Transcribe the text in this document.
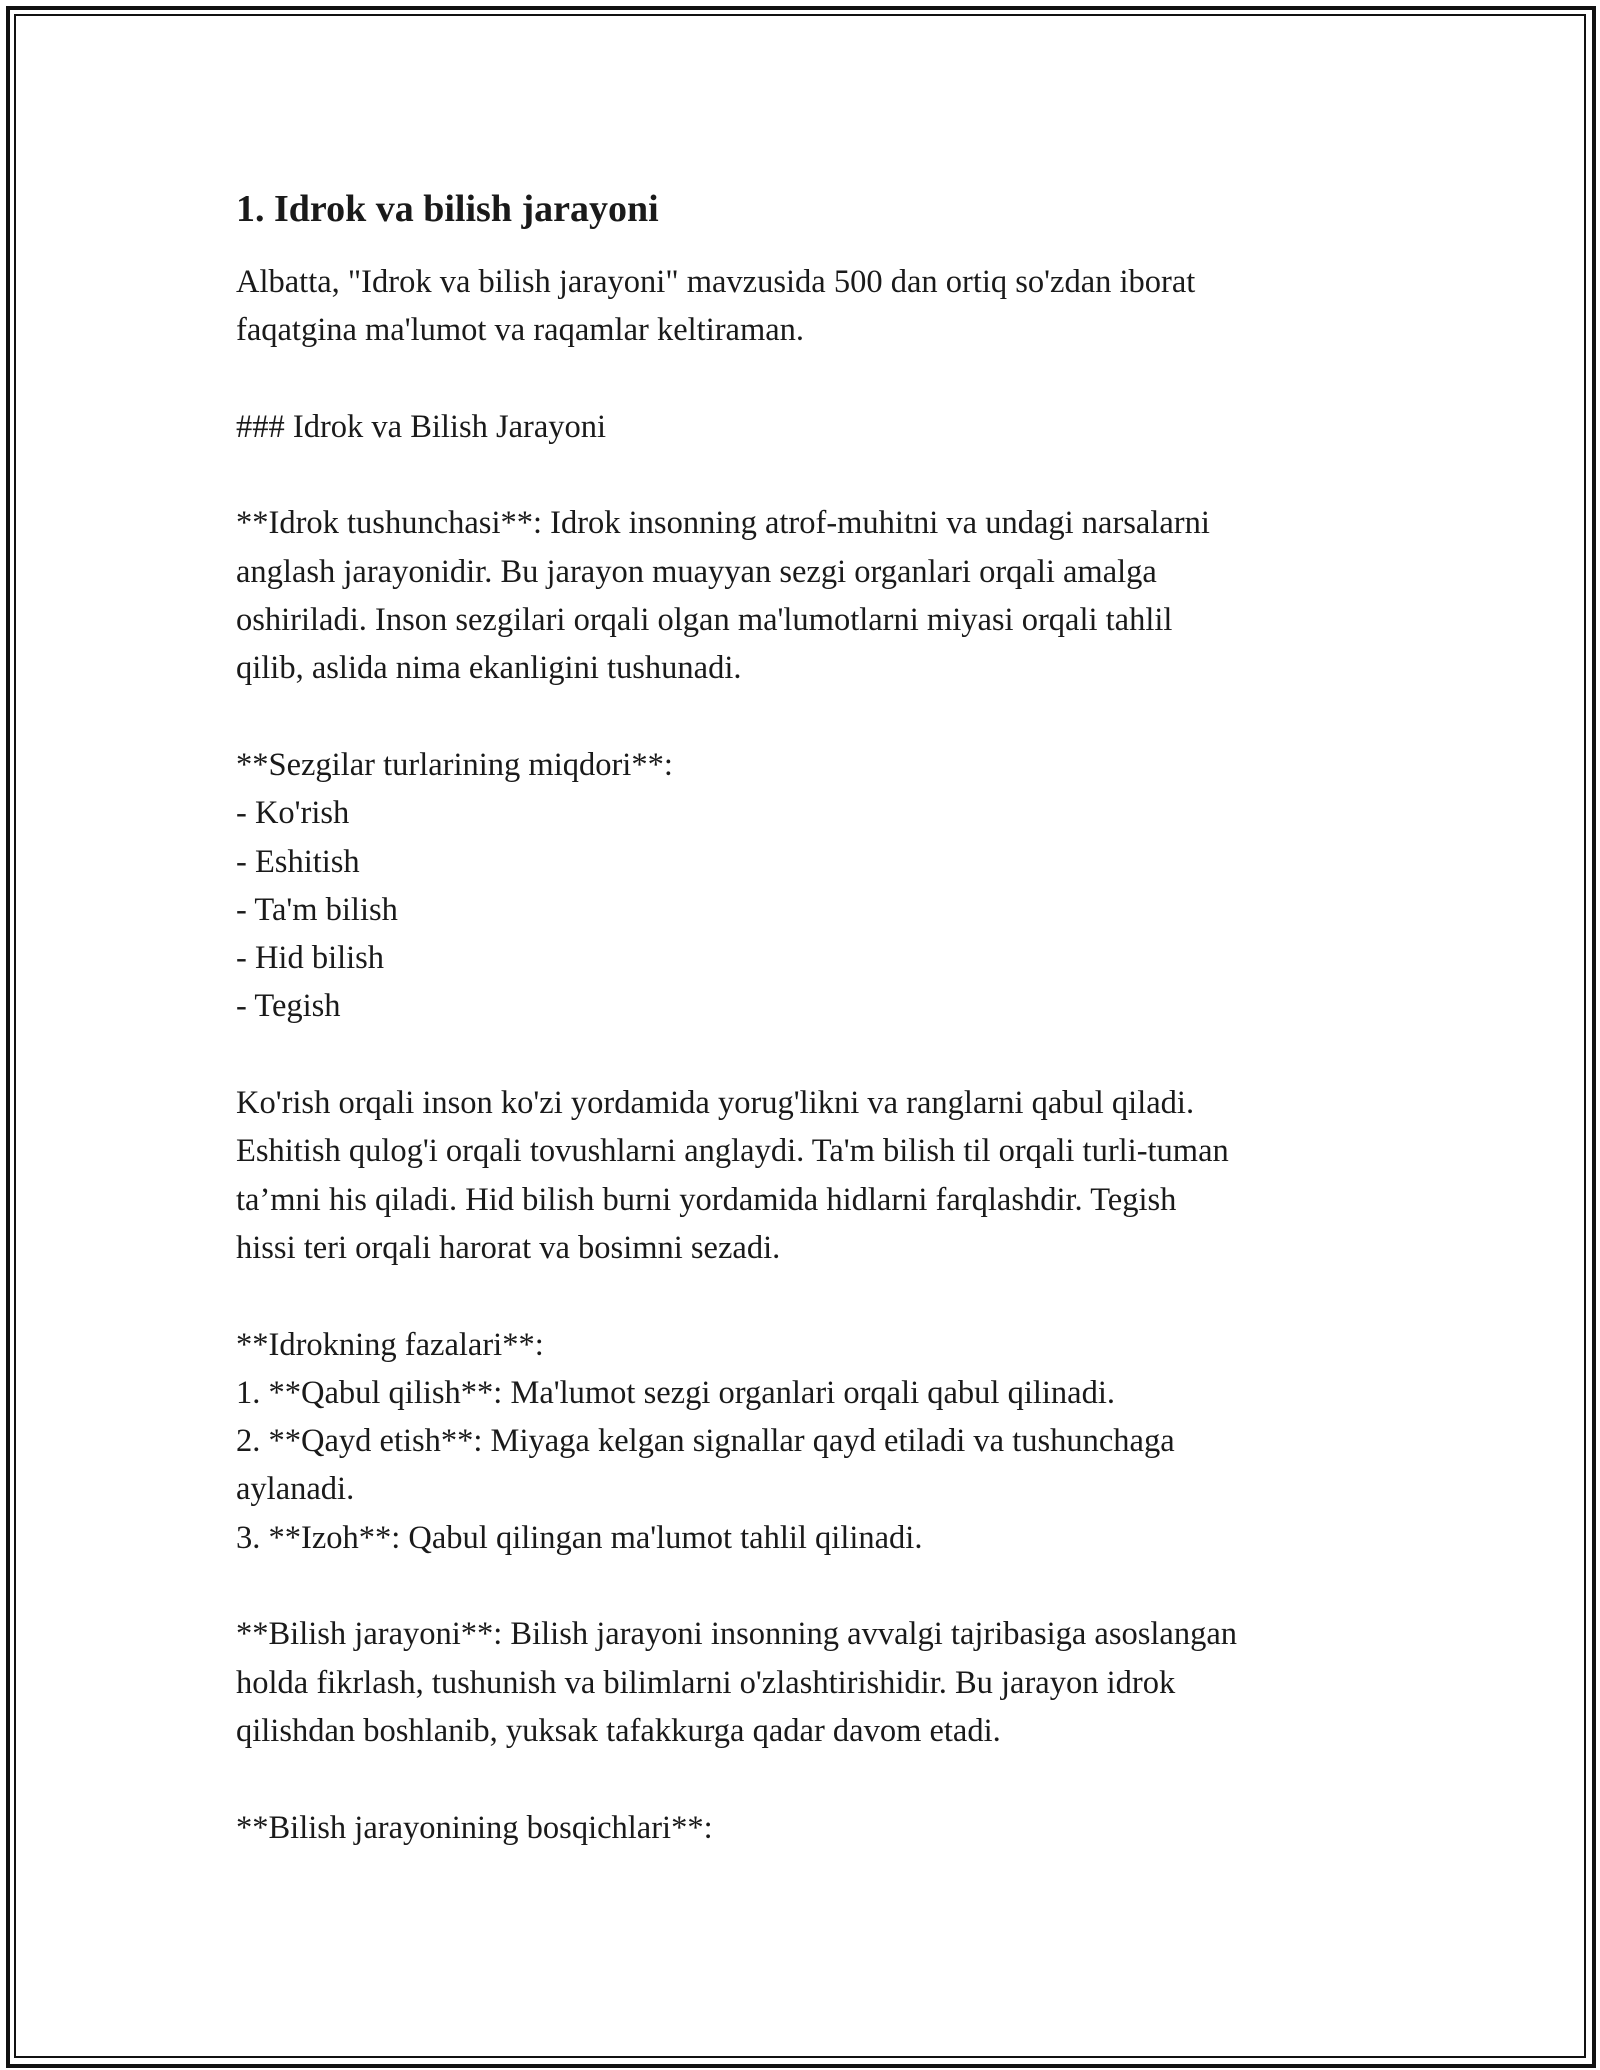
1. Idrok va bilish jarayoni
Albatta, "Idrok va bilish jarayoni" mavzusida 500 dan ortiq so'zdan iborat
faqatgina ma'lumot va raqamlar keltiraman.
### Idrok va Bilish Jarayoni
**Idrok tushunchasi**: Idrok insonning atrof-muhitni va undagi narsalarni
anglash jarayonidir. Bu jarayon muayyan sezgi organlari orqali amalga
oshiriladi. Inson sezgilari orqali olgan ma'lumotlarni miyasi orqali tahlil
qilib, aslida nima ekanligini tushunadi.
**Sezgilar turlarining miqdori**:
- Ko'rish
- Eshitish
- Ta'm bilish
- Hid bilish
- Tegish
Ko'rish orqali inson ko'zi yordamida yorug'likni va ranglarni qabul qiladi.
Eshitish qulog'i orqali tovushlarni anglaydi. Ta'm bilish til orqali turli-tuman
ta’mni his qiladi. Hid bilish burni yordamida hidlarni farqlashdir. Tegish
hissi teri orqali harorat va bosimni sezadi.
**Idrokning fazalari**:
1. **Qabul qilish**: Ma'lumot sezgi organlari orqali qabul qilinadi.
2. **Qayd etish**: Miyaga kelgan signallar qayd etiladi va tushunchaga
aylanadi.
3. **Izoh**: Qabul qilingan ma'lumot tahlil qilinadi.
**Bilish jarayoni**: Bilish jarayoni insonning avvalgi tajribasiga asoslangan
holda fikrlash, tushunish va bilimlarni o'zlashtirishidir. Bu jarayon idrok
qilishdan boshlanib, yuksak tafakkurga qadar davom etadi.
**Bilish jarayonining bosqichlari**:
